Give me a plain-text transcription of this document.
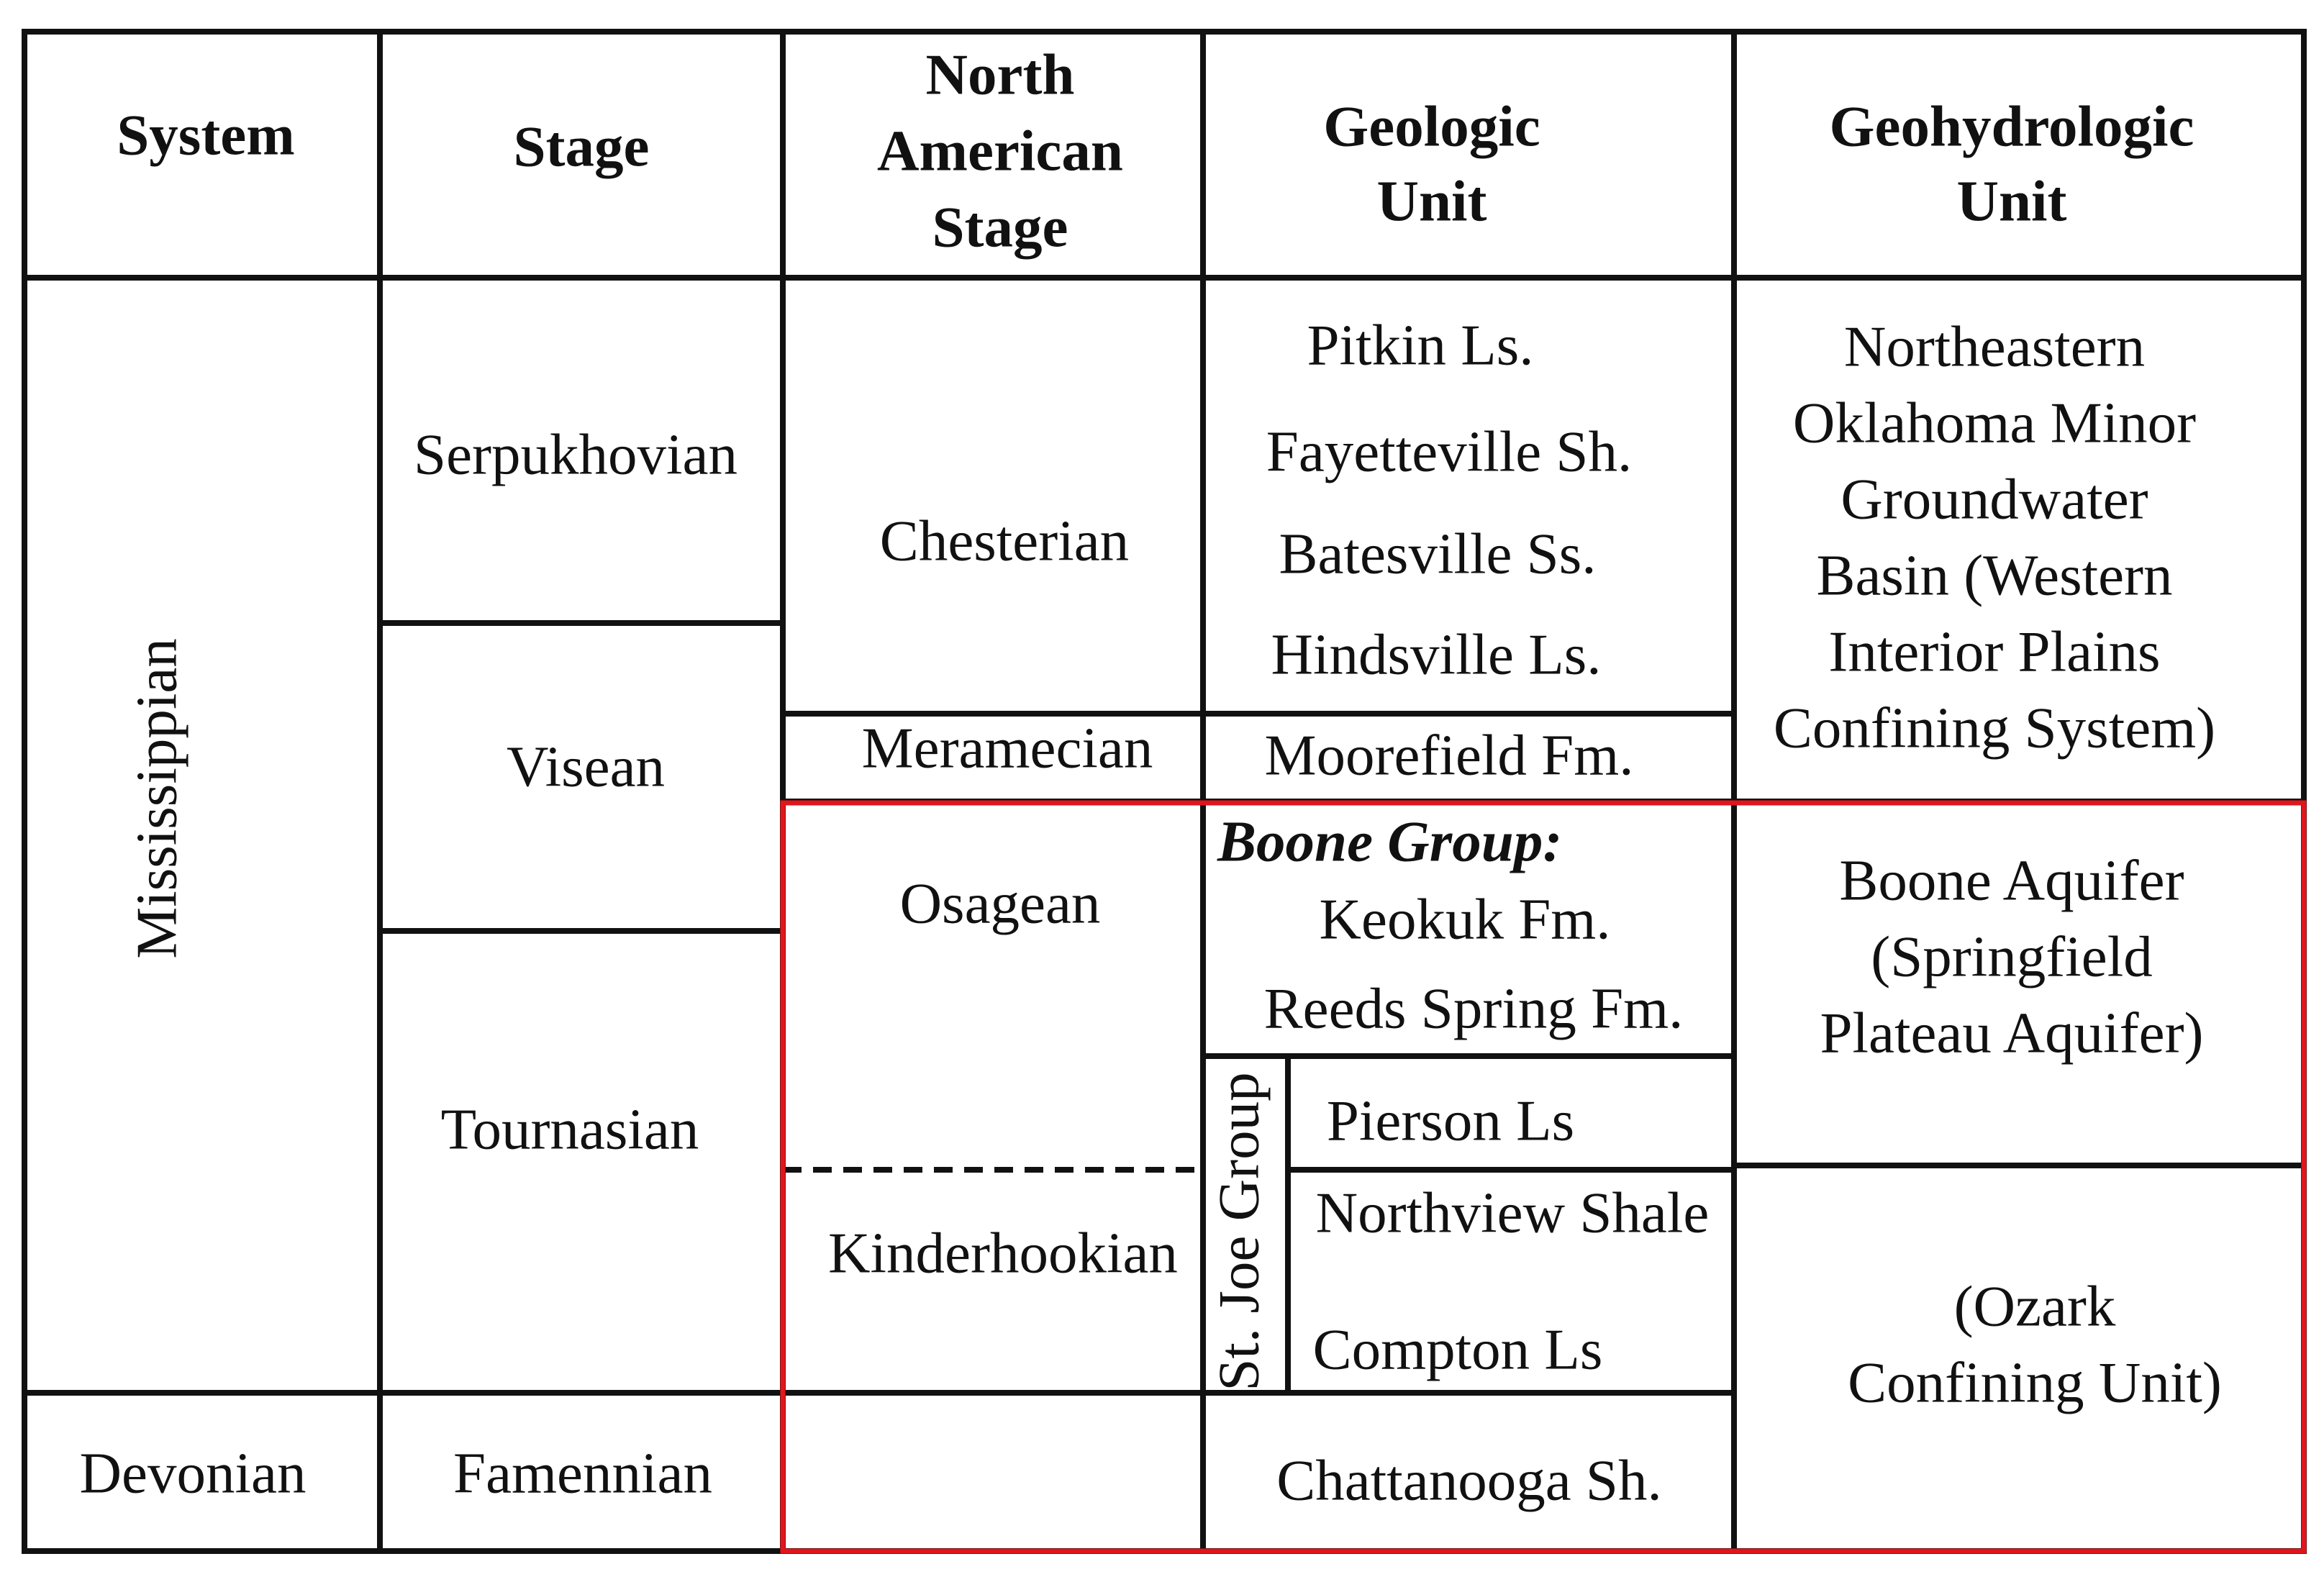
System	Stage
North
American
Stage
Geologic
Unit
Geohydrologic
Unit
Mississippian
Devonian
Serpukhovian
Visean
Tournasian
Famennian
Chesterian
Meramecian
Osagean
Kinderhookian
Pitkin Ls.
Fayetteville Sh.
Batesville Ss.
Hindsville Ls.
Moorefield Fm.
Boone Group:
Keokuk Fm.
Reeds Spring Fm.
St. Joe Group Pierson Ls
Northview Shale
Compton Ls
Chattanooga Sh.
Northeastern
Oklahoma Minor
Groundwater
Basin (Western
Interior Plains
Confining System)
Boone Aquifer
(Springfield
Plateau Aquifer)
(Ozark
Confining Unit)
